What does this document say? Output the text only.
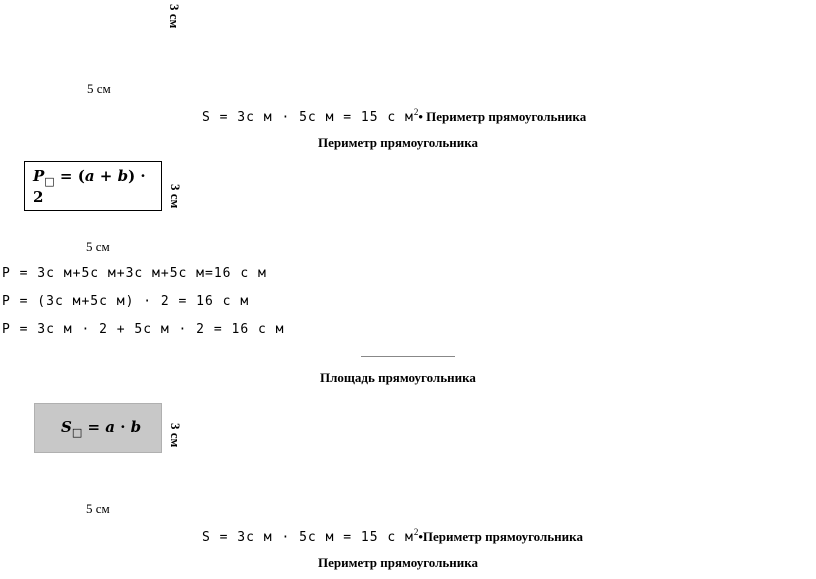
3 см
5 см
S = 3с м · 5с м = 15 с $м^2•$ Периметр прямоугольника
Периметр прямоугольника
$P_□ = (a + b) \cdot 2$	3 см
5 см
P = 3с м+5с м+3с м+5с м=16 с м
P = (3с м+5с м) · 2 = 16 с м
P = 3с м · 2 + 5с м · 2 = 16 с м
Площадь прямоугольника
$S_□ = a \cdot b$ 3 см
5 см
S = 3с м · 5с м = 15 с $м^2•Периметр$ прямоугольника
Периметр прямоугольника
